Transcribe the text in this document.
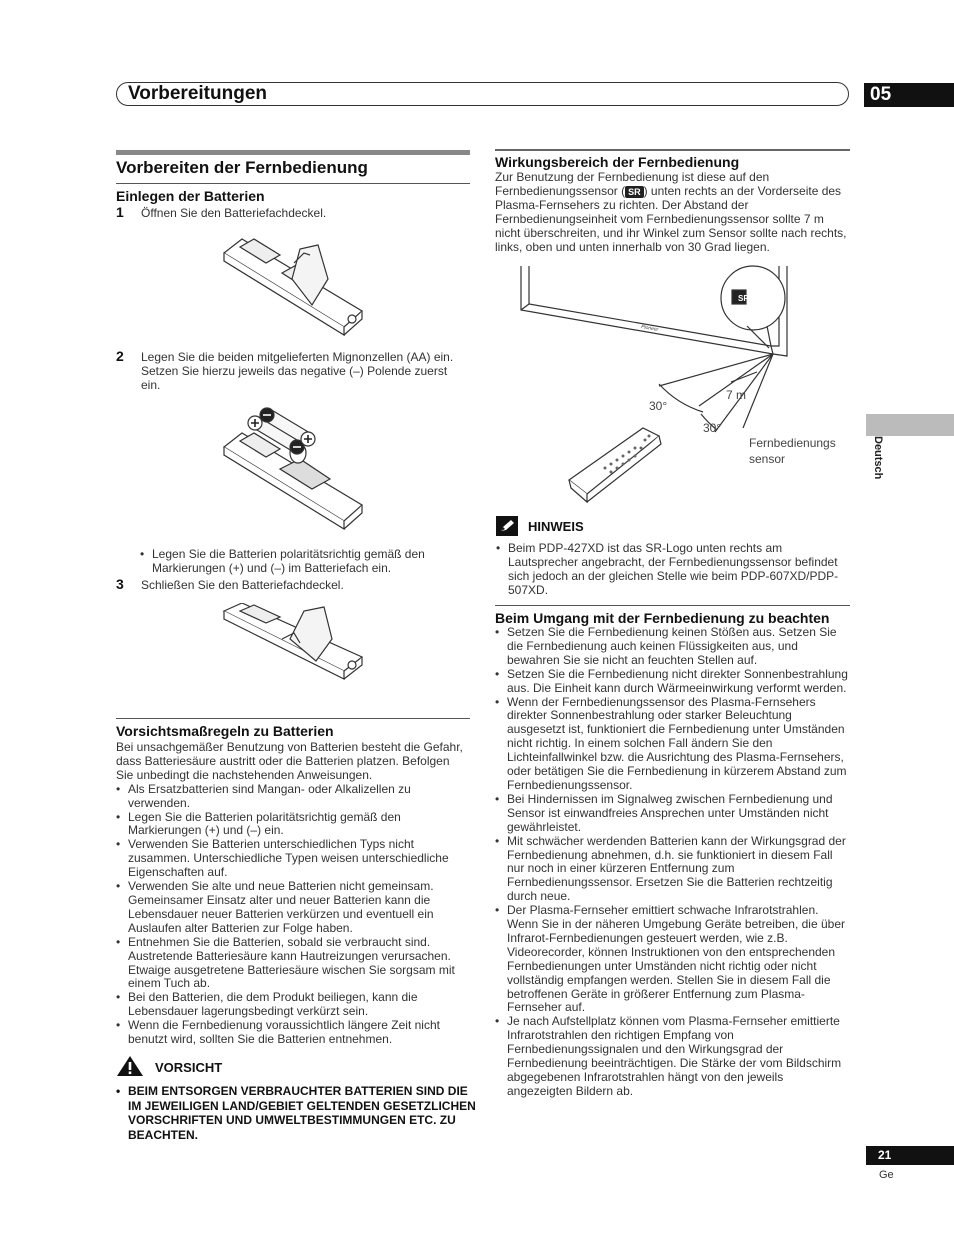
Vorbereitungen	05
Deutsch
Vorbereiten der Fernbedienung
Einlegen der Batterien
1 Öffnen Sie den Batteriefachdeckel.
2 Legen Sie die beiden mitgelieferten Mignonzellen (AA) ein. Setzen Sie hierzu jeweils das negative (–) Polende zuerst ein.
• Legen Sie die Batterien polaritätsrichtig gemäß den Markierungen (+) und (–) im Batteriefach ein.
3 Schließen Sie den Batteriefachdeckel.
Vorsichtsmaßregeln zu Batterien
Bei unsachgemäßer Benutzung von Batterien besteht die Gefahr, dass Batteriesäure austritt oder die Batterien platzen. Befolgen Sie unbedingt die nachstehenden Anweisungen.
• Als Ersatzbatterien sind Mangan- oder Alkalizellen zu verwenden.
• Legen Sie die Batterien polaritätsrichtig gemäß den Markierungen (+) und (–) ein.
• Verwenden Sie Batterien unterschiedlichen Typs nicht zusammen. Unterschiedliche Typen weisen unterschiedliche Eigenschaften auf.
• Verwenden Sie alte und neue Batterien nicht gemeinsam. Gemeinsamer Einsatz alter und neuer Batterien kann die Lebensdauer neuer Batterien verkürzen und eventuell ein Auslaufen alter Batterien zur Folge haben.
• Entnehmen Sie die Batterien, sobald sie verbraucht sind. Austretende Batteriesäure kann Hautreizungen verursachen. Etwaige ausgetretene Batteriesäure wischen Sie sorgsam mit einem Tuch ab.
• Bei den Batterien, die dem Produkt beiliegen, kann die Lebensdauer lagerungsbedingt verkürzt sein.
• Wenn die Fernbedienung voraussichtlich längere Zeit nicht benutzt wird, sollten Sie die Batterien entnehmen.
VORSICHT
• BEIM ENTSORGEN VERBRAUCHTER BATTERIEN SIND DIE IM JEWEILIGEN LAND/GEBIET GELTENDEN GESETZLICHEN VORSCHRIFTEN UND UMWELTBESTIMMUNGEN ETC. ZU BEACHTEN.
Wirkungsbereich der Fernbedienung
Zur Benutzung der Fernbedienung ist diese auf den Fernbedienungssensor ( SR ) unten rechts an der Vorderseite des Plasma-Fernsehers zu richten. Der Abstand der Fernbedienungseinheit vom Fernbedienungssensor sollte 7 m nicht überschreiten, und ihr Winkel zum Sensor sollte nach rechts, links, oben und unten innerhalb von 30 Grad liegen.
SR
Pioneer
30°
30°
7 m
Fernbedienungs
sensor
HINWEIS
• Beim PDP-427XD ist das SR-Logo unten rechts am Lautsprecher angebracht, der Fernbedienungssensor befindet sich jedoch an der gleichen Stelle wie beim PDP-607XD/PDP-507XD.
Beim Umgang mit der Fernbedienung zu beachten
• Setzen Sie die Fernbedienung keinen Stößen aus. Setzen Sie die Fernbedienung auch keinen Flüssigkeiten aus, und bewahren Sie sie nicht an feuchten Stellen auf.
• Setzen Sie die Fernbedienung nicht direkter Sonnenbestrahlung aus. Die Einheit kann durch Wärmeeinwirkung verformt werden.
• Wenn der Fernbedienungssensor des Plasma-Fernsehers direkter Sonnenbestrahlung oder starker Beleuchtung ausgesetzt ist, funktioniert die Fernbedienung unter Umständen nicht richtig. In einem solchen Fall ändern Sie den Lichteinfallwinkel bzw. die Ausrichtung des Plasma-Fernsehers, oder betätigen Sie die Fernbedienung in kürzerem Abstand zum Fernbedienungssensor.
• Bei Hindernissen im Signalweg zwischen Fernbedienung und Sensor ist einwandfreies Ansprechen unter Umständen nicht gewährleistet.
• Mit schwächer werdenden Batterien kann der Wirkungsgrad der Fernbedienung abnehmen, d.h. sie funktioniert in diesem Fall nur noch in einer kürzeren Entfernung zum Fernbedienungssensor. Ersetzen Sie die Batterien rechtzeitig durch neue.
• Der Plasma-Fernseher emittiert schwache Infrarotstrahlen. Wenn Sie in der näheren Umgebung Geräte betreiben, die über Infrarot-Fernbedienungen gesteuert werden, wie z.B. Videorecorder, können Instruktionen von den entsprechenden Fernbedienungen unter Umständen nicht richtig oder nicht vollständig empfangen werden. Stellen Sie in diesem Fall die betroffenen Geräte in größerer Entfernung zum Plasma-Fernseher auf.
• Je nach Aufstellplatz können vom Plasma-Fernseher emittierte Infrarotstrahlen den richtigen Empfang von Fernbedienungssignalen und den Wirkungsgrad der Fernbedienung beeinträchtigen. Die Stärke der vom Bildschirm abgegebenen Infrarotstrahlen hängt von den jeweils angezeigten Bildern ab.
21
Ge
